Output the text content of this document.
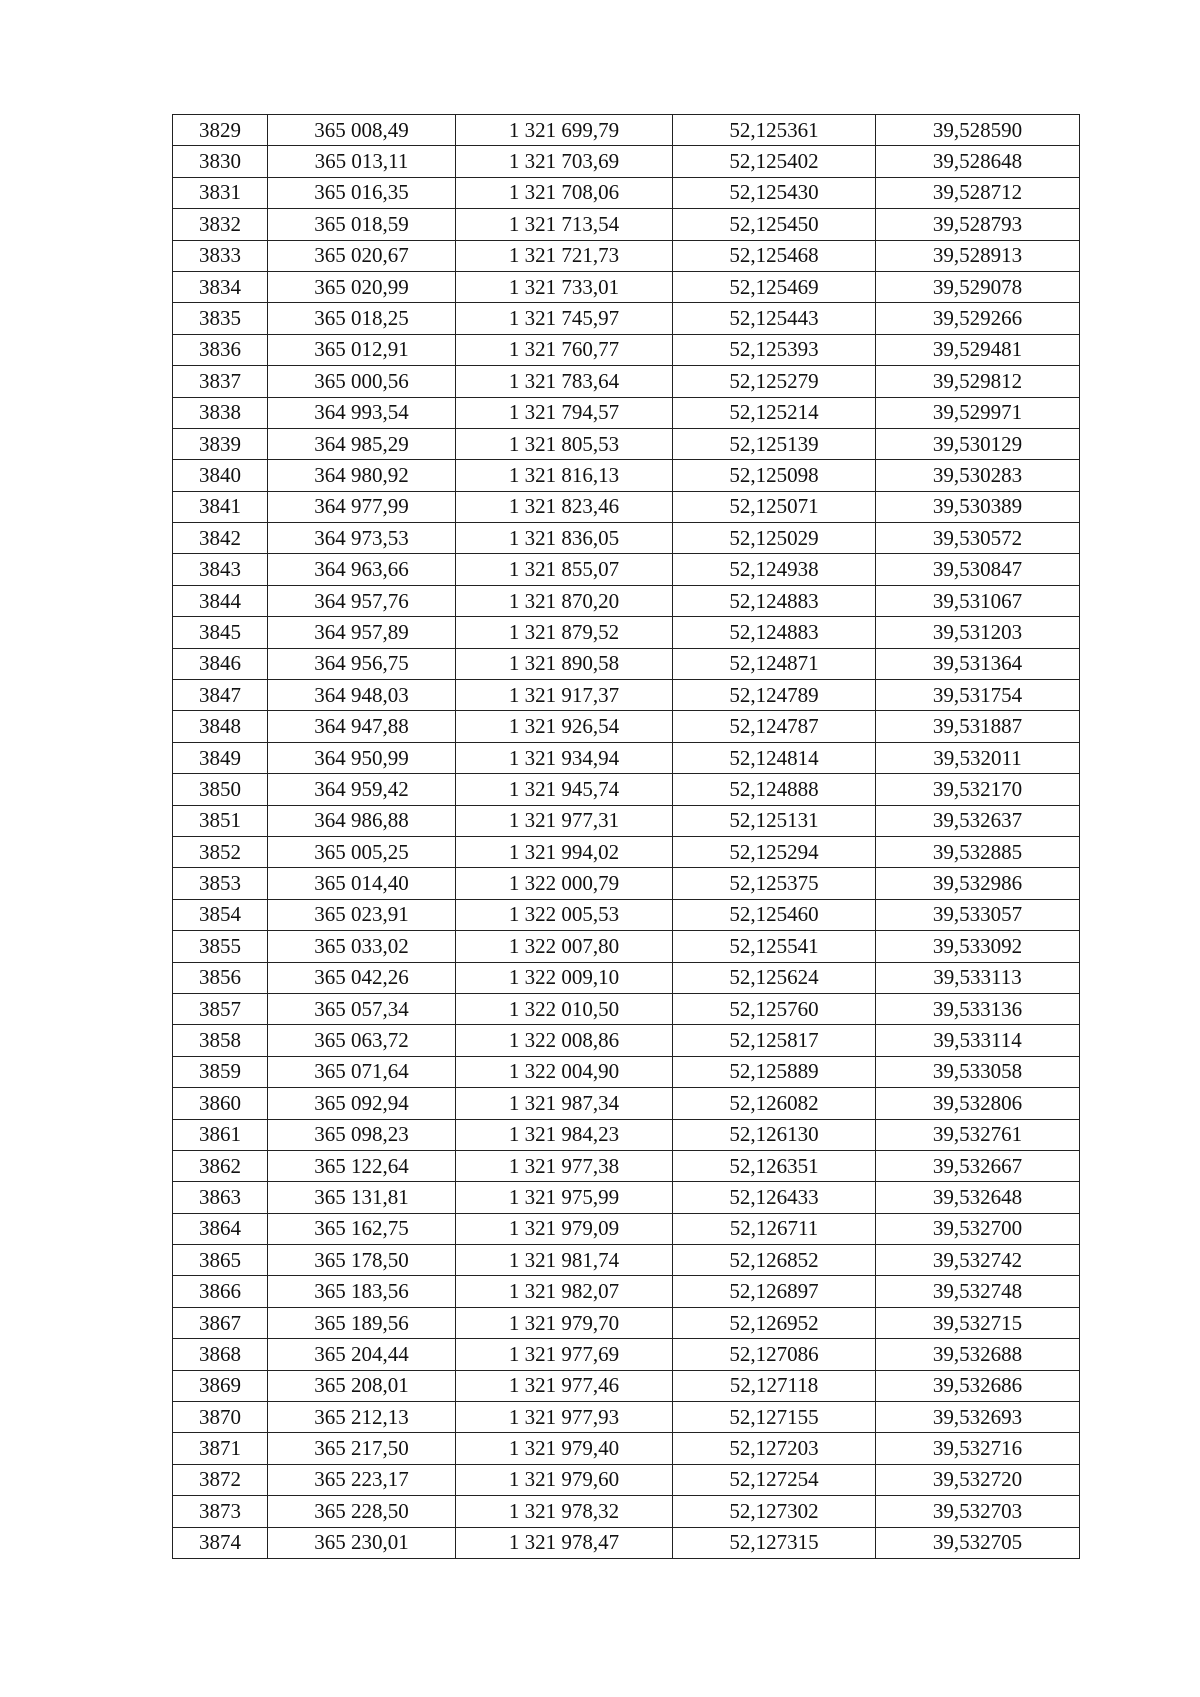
3829	365 008,49	1 321 699,79	52,125361	39,528590
3830	365 013,11	1 321 703,69	52,125402	39,528648
3831	365 016,35	1 321 708,06	52,125430	39,528712
3832	365 018,59	1 321 713,54	52,125450	39,528793
3833	365 020,67	1 321 721,73	52,125468	39,528913
3834	365 020,99	1 321 733,01	52,125469	39,529078
3835	365 018,25	1 321 745,97	52,125443	39,529266
3836	365 012,91	1 321 760,77	52,125393	39,529481
3837	365 000,56	1 321 783,64	52,125279	39,529812
3838	364 993,54	1 321 794,57	52,125214	39,529971
3839	364 985,29	1 321 805,53	52,125139	39,530129
3840	364 980,92	1 321 816,13	52,125098	39,530283
3841	364 977,99	1 321 823,46	52,125071	39,530389
3842	364 973,53	1 321 836,05	52,125029	39,530572
3843	364 963,66	1 321 855,07	52,124938	39,530847
3844	364 957,76	1 321 870,20	52,124883	39,531067
3845	364 957,89	1 321 879,52	52,124883	39,531203
3846	364 956,75	1 321 890,58	52,124871	39,531364
3847	364 948,03	1 321 917,37	52,124789	39,531754
3848	364 947,88	1 321 926,54	52,124787	39,531887
3849	364 950,99	1 321 934,94	52,124814	39,532011
3850	364 959,42	1 321 945,74	52,124888	39,532170
3851	364 986,88	1 321 977,31	52,125131	39,532637
3852	365 005,25	1 321 994,02	52,125294	39,532885
3853	365 014,40	1 322 000,79	52,125375	39,532986
3854	365 023,91	1 322 005,53	52,125460	39,533057
3855	365 033,02	1 322 007,80	52,125541	39,533092
3856	365 042,26	1 322 009,10	52,125624	39,533113
3857	365 057,34	1 322 010,50	52,125760	39,533136
3858	365 063,72	1 322 008,86	52,125817	39,533114
3859	365 071,64	1 322 004,90	52,125889	39,533058
3860	365 092,94	1 321 987,34	52,126082	39,532806
3861	365 098,23	1 321 984,23	52,126130	39,532761
3862	365 122,64	1 321 977,38	52,126351	39,532667
3863	365 131,81	1 321 975,99	52,126433	39,532648
3864	365 162,75	1 321 979,09	52,126711	39,532700
3865	365 178,50	1 321 981,74	52,126852	39,532742
3866	365 183,56	1 321 982,07	52,126897	39,532748
3867	365 189,56	1 321 979,70	52,126952	39,532715
3868	365 204,44	1 321 977,69	52,127086	39,532688
3869	365 208,01	1 321 977,46	52,127118	39,532686
3870	365 212,13	1 321 977,93	52,127155	39,532693
3871	365 217,50	1 321 979,40	52,127203	39,532716
3872	365 223,17	1 321 979,60	52,127254	39,532720
3873	365 228,50	1 321 978,32	52,127302	39,532703
3874	365 230,01	1 321 978,47	52,127315	39,532705
